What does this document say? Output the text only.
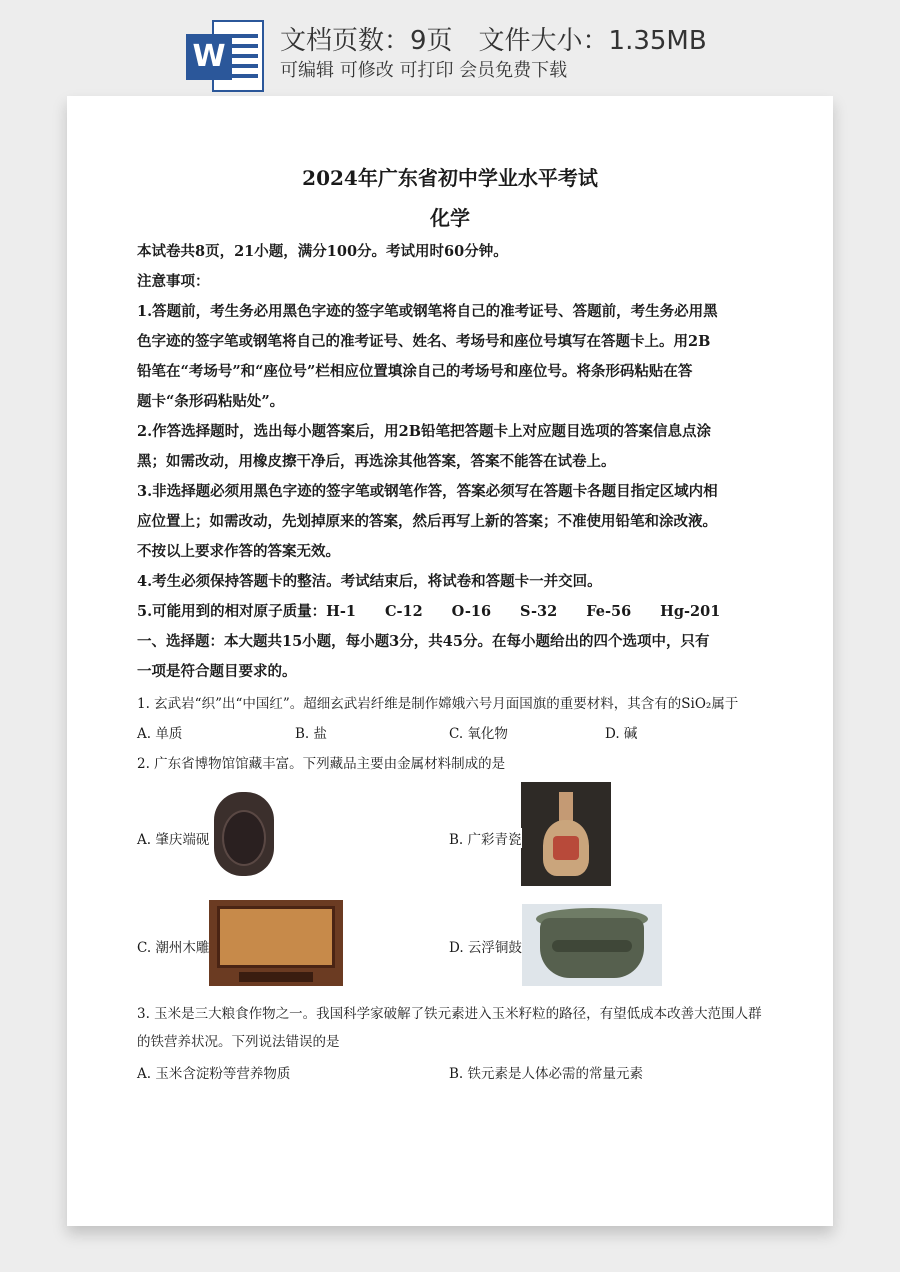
W 文档页数：9页　文件大小：1.35MB
可编辑 可修改 可打印 会员免费下载
2024年广东省初中学业水平考试
化学
本试卷共8页，21小题，满分100分。考试用时60分钟。
注意事项：
1.答题前，考生务必用黑色字迹的签字笔或钢笔将自己的准考证号、答题前，考生务必用黑
色字迹的签字笔或钢笔将自己的准考证号、姓名、考场号和座位号填写在答题卡上。用2B
铅笔在“考场号”和“座位号”栏相应位置填涂自己的考场号和座位号。将条形码粘贴在答
题卡“条形码粘贴处”。
2.作答选择题时，选出每小题答案后，用2B铅笔把答题卡上对应题目选项的答案信息点涂
黑；如需改动，用橡皮擦干净后，再选涂其他答案，答案不能答在试卷上。
3.非选择题必须用黑色字迹的签字笔或钢笔作答，答案必须写在答题卡各题目指定区域内相
应位置上；如需改动，先划掉原来的答案，然后再写上新的答案；不准使用铅笔和涂改液。
不按以上要求作答的答案无效。
4.考生必须保持答题卡的整洁。考试结束后，将试卷和答题卡一并交回。
5.可能用到的相对原子质量：H-1　　C-12　　O-16　　S-32　　Fe-56　　Hg-201
一、选择题：本大题共15小题，每小题3分，共45分。在每小题给出的四个选项中，只有
一项是符合题目要求的。
1. 玄武岩“织”出“中国红”。超细玄武岩纤维是制作嫦娥六号月面国旗的重要材料，其含有的SiO₂属于
A. 单质	B. 盐	C. 氧化物	D. 碱
2. 广东省博物馆馆藏丰富。下列藏品主要由金属材料制成的是
A. 肇庆端砚	B. 广彩青瓷
C. 潮州木雕	D. 云浮铜鼓
3. 玉米是三大粮食作物之一。我国科学家破解了铁元素进入玉米籽粒的路径，有望低成本改善大范围人群
的铁营养状况。下列说法错误的是
A. 玉米含淀粉等营养物质	B. 铁元素是人体必需的常量元素
